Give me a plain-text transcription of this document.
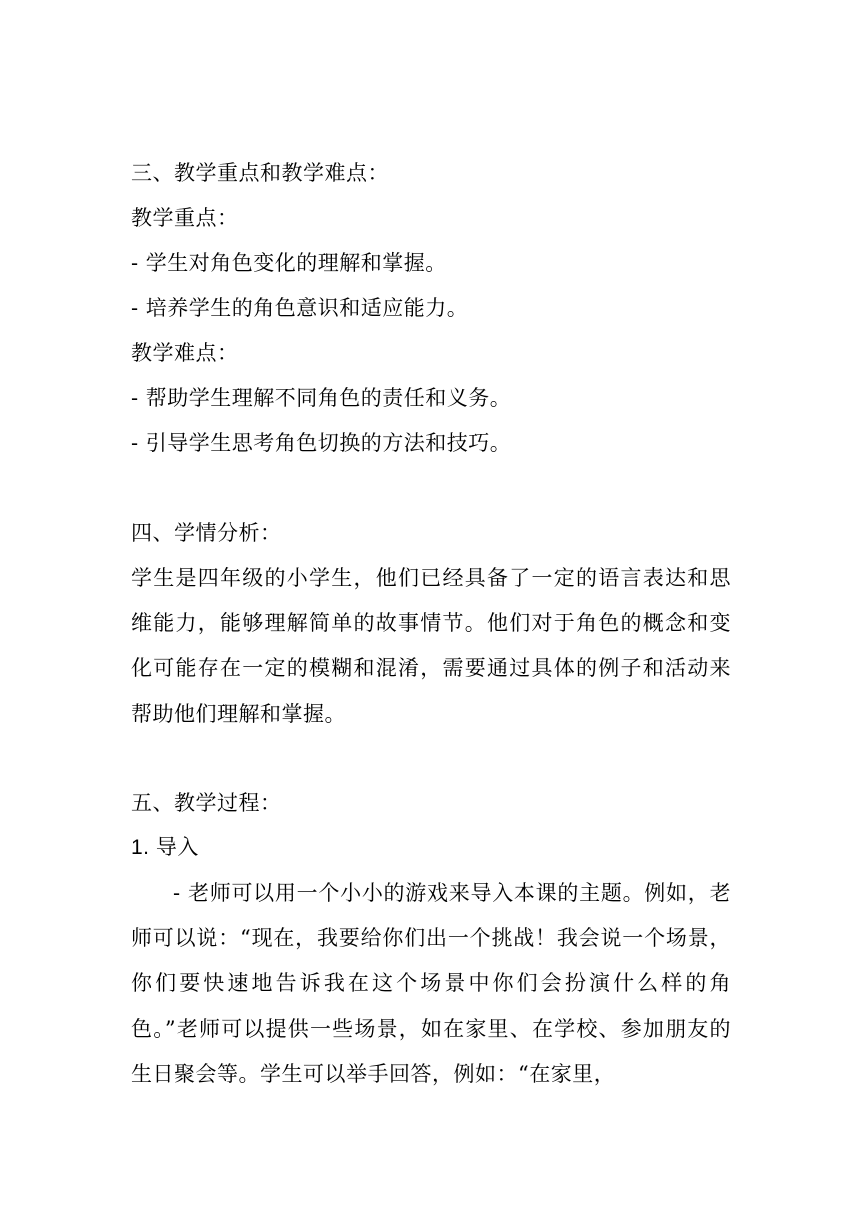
三、教学重点和教学难点：
教学重点：
- 学生对角色变化的理解和掌握。
- 培养学生的角色意识和适应能力。
教学难点：
- 帮助学生理解不同角色的责任和义务。
- 引导学生思考角色切换的方法和技巧。
四、学情分析：
学生是四年级的小学生，他们已经具备了一定的语言表达和思维能力，能够理解简单的故事情节。他们对于角色的概念和变化可能存在一定的模糊和混淆，需要通过具体的例子和活动来帮助他们理解和掌握。
五、教学过程：
1. 导入
- 老师可以用一个小小的游戏来导入本课的主题。例如，老师可以说：“现在，我要给你们出一个挑战！我会说一个场景，你们要快速地告诉我在这个场景中你们会扮演什么样的角色。”老师可以提供一些场景，如在家里、在学校、参加朋友的生日聚会等。学生可以举手回答，例如：“在家里，
